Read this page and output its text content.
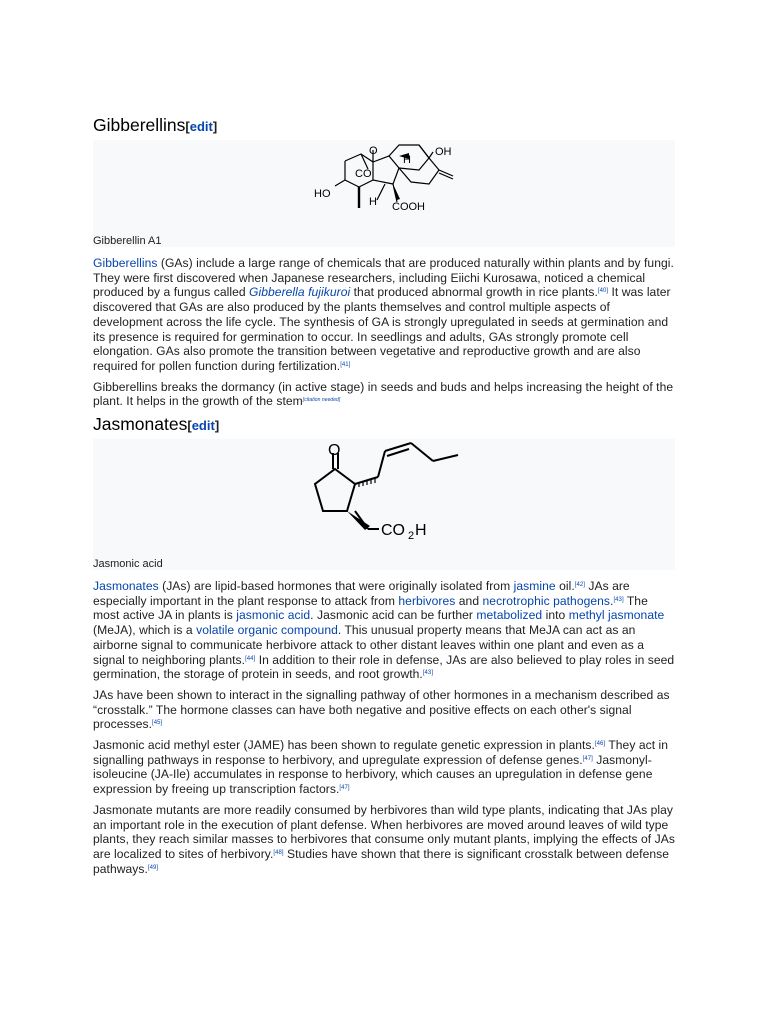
Gibberellins[edit]
O
CO
H
OH
HO
H COOH
Gibberellin A1

Gibberellins (GAs) include a large range of chemicals that are produced naturally within plants and by fungi. They were first discovered when Japanese researchers, including Eiichi Kurosawa, noticed a chemical produced by a fungus called Gibberella fujikuroi that produced abnormal growth in rice plants.[40] It was later discovered that GAs are also produced by the plants themselves and control multiple aspects of development across the life cycle. The synthesis of GA is strongly upregulated in seeds at germination and its presence is required for germination to occur. In seedlings and adults, GAs strongly promote cell elongation. GAs also promote the transition between vegetative and reproductive growth and are also required for pollen function during fertilization.[41]

Gibberellins breaks the dormancy (in active stage) in seeds and buds and helps increasing the height of the plant. It helps in the growth of the stem[citation needed]

Jasmonates[edit]
O
CO 2 H
Jasmonic acid

Jasmonates (JAs) are lipid-based hormones that were originally isolated from jasmine oil.[42] JAs are especially important in the plant response to attack from herbivores and necrotrophic pathogens.[43] The most active JA in plants is jasmonic acid. Jasmonic acid can be further metabolized into methyl jasmonate (MeJA), which is a volatile organic compound. This unusual property means that MeJA can act as an airborne signal to communicate herbivore attack to other distant leaves within one plant and even as a signal to neighboring plants.[44] In addition to their role in defense, JAs are also believed to play roles in seed germination, the storage of protein in seeds, and root growth.[43]

JAs have been shown to interact in the signalling pathway of other hormones in a mechanism described as “crosstalk.” The hormone classes can have both negative and positive effects on each other's signal processes.[45]

Jasmonic acid methyl ester (JAME) has been shown to regulate genetic expression in plants.[46] They act in signalling pathways in response to herbivory, and upregulate expression of defense genes.[47] Jasmonyl-isoleucine (JA-Ile) accumulates in response to herbivory, which causes an upregulation in defense gene expression by freeing up transcription factors.[47]

Jasmonate mutants are more readily consumed by herbivores than wild type plants, indicating that JAs play an important role in the execution of plant defense. When herbivores are moved around leaves of wild type plants, they reach similar masses to herbivores that consume only mutant plants, implying the effects of JAs are localized to sites of herbivory.[48] Studies have shown that there is significant crosstalk between defense pathways.[49]
